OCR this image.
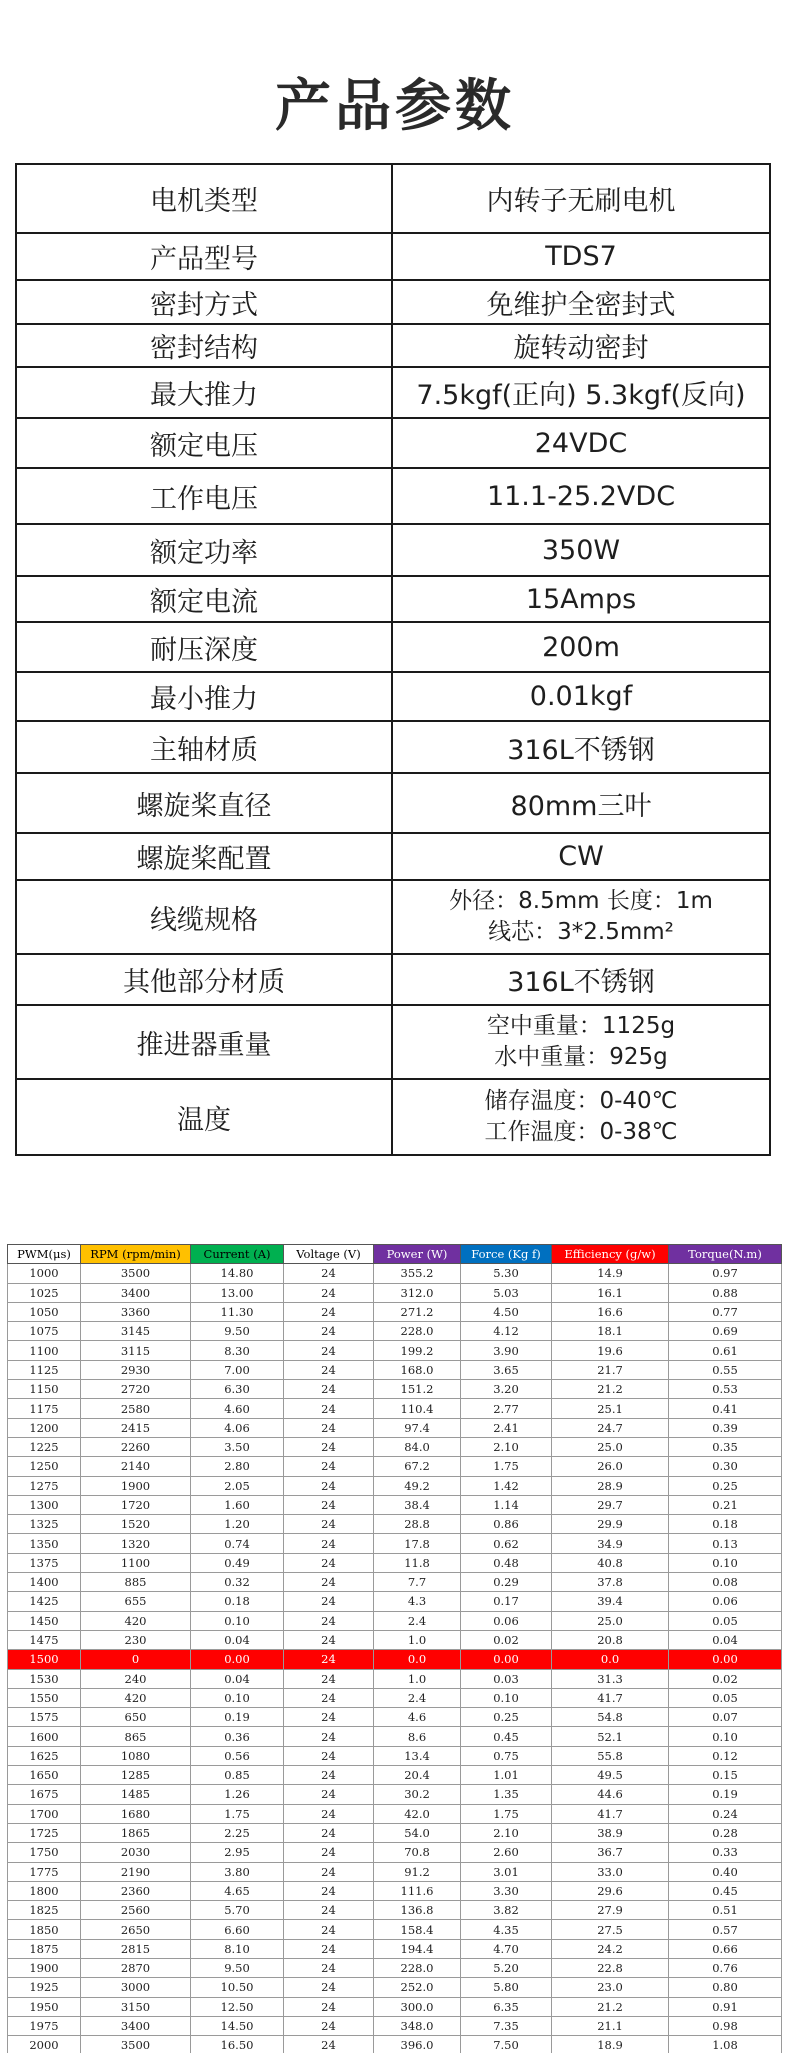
产品参数
电机类型	内转子无刷电机

产品型号	TDS7

密封方式	免维护全密封式

密封结构	旋转动密封

最大推力	7.5kgf(正向) 5.3kgf(反向)

额定电压	24VDC

工作电压	11.1-25.2VDC

额定功率	350W

额定电流	15Amps

耐压深度	200m

最小推力	0.01kgf

主轴材质	316L不锈钢

螺旋桨直径	80mm三叶

螺旋桨配置	CW

线缆规格	外径：8.5mm 长度：1m
线芯：3*2.5mm²

其他部分材质	316L不锈钢

推进器重量	空中重量：1125g
水中重量：925g

温度	储存温度：0-40℃
工作温度：0-38℃
PWM(μs)	RPM (rpm/min)	Current (A)	Voltage (V)	Power (W)	Force (Kg f)	Efficiency (g/w)	Torque(N.m)
1000	3500	14.80	24	355.2	5.30	14.9	0.97
1025	3400	13.00	24	312.0	5.03	16.1	0.88
1050	3360	11.30	24	271.2	4.50	16.6	0.77
1075	3145	9.50	24	228.0	4.12	18.1	0.69
1100	3115	8.30	24	199.2	3.90	19.6	0.61
1125	2930	7.00	24	168.0	3.65	21.7	0.55
1150	2720	6.30	24	151.2	3.20	21.2	0.53
1175	2580	4.60	24	110.4	2.77	25.1	0.41
1200	2415	4.06	24	97.4	2.41	24.7	0.39
1225	2260	3.50	24	84.0	2.10	25.0	0.35
1250	2140	2.80	24	67.2	1.75	26.0	0.30
1275	1900	2.05	24	49.2	1.42	28.9	0.25
1300	1720	1.60	24	38.4	1.14	29.7	0.21
1325	1520	1.20	24	28.8	0.86	29.9	0.18
1350	1320	0.74	24	17.8	0.62	34.9	0.13
1375	1100	0.49	24	11.8	0.48	40.8	0.10
1400	885	0.32	24	7.7	0.29	37.8	0.08
1425	655	0.18	24	4.3	0.17	39.4	0.06
1450	420	0.10	24	2.4	0.06	25.0	0.05
1475	230	0.04	24	1.0	0.02	20.8	0.04
1500	0	0.00	24	0.0	0.00	0.0	0.00
1530	240	0.04	24	1.0	0.03	31.3	0.02
1550	420	0.10	24	2.4	0.10	41.7	0.05
1575	650	0.19	24	4.6	0.25	54.8	0.07
1600	865	0.36	24	8.6	0.45	52.1	0.10
1625	1080	0.56	24	13.4	0.75	55.8	0.12
1650	1285	0.85	24	20.4	1.01	49.5	0.15
1675	1485	1.26	24	30.2	1.35	44.6	0.19
1700	1680	1.75	24	42.0	1.75	41.7	0.24
1725	1865	2.25	24	54.0	2.10	38.9	0.28
1750	2030	2.95	24	70.8	2.60	36.7	0.33
1775	2190	3.80	24	91.2	3.01	33.0	0.40
1800	2360	4.65	24	111.6	3.30	29.6	0.45
1825	2560	5.70	24	136.8	3.82	27.9	0.51
1850	2650	6.60	24	158.4	4.35	27.5	0.57
1875	2815	8.10	24	194.4	4.70	24.2	0.66
1900	2870	9.50	24	228.0	5.20	22.8	0.76
1925	3000	10.50	24	252.0	5.80	23.0	0.80
1950	3150	12.50	24	300.0	6.35	21.2	0.91
1975	3400	14.50	24	348.0	7.35	21.1	0.98
2000	3500	16.50	24	396.0	7.50	18.9	1.08
